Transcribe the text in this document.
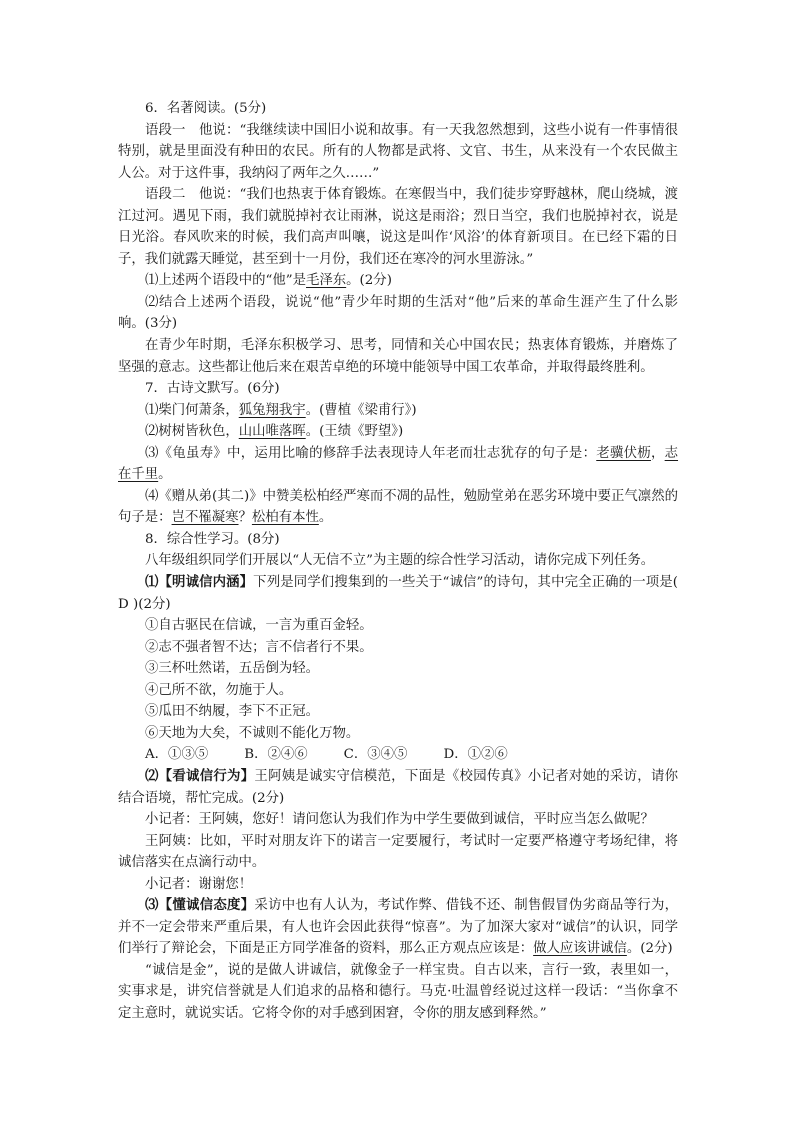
6．名著阅读。(5分)

语段一　他说：“我继续读中国旧小说和故事。有一天我忽然想到，这些小说有一件事情很特别，就是里面没有种田的农民。所有的人物都是武将、文官、书生，从来没有一个农民做主人公。对于这件事，我纳闷了两年之久……”

语段二　他说：“我们也热衷于体育锻炼。在寒假当中，我们徒步穿野越林，爬山绕城，渡江过河。遇见下雨，我们就脱掉衬衣让雨淋，说这是雨浴；烈日当空，我们也脱掉衬衣，说是日光浴。春风吹来的时候，我们高声叫嚷，说这是叫作‘风浴’的体育新项目。在已经下霜的日子，我们就露天睡觉，甚至到十一月份，我们还在寒冷的河水里游泳。”

⑴上述两个语段中的“他”是毛泽东。(2分)

⑵结合上述两个语段，说说“他”青少年时期的生活对“他”后来的革命生涯产生了什么影响。(3分)

在青少年时期，毛泽东积极学习、思考，同情和关心中国农民；热衷体育锻炼，并磨炼了坚强的意志。这些都让他后来在艰苦卓绝的环境中能领导中国工农革命，并取得最终胜利。

7．古诗文默写。(6分)

⑴柴门何萧条，狐兔翔我宇。(曹植《梁甫行》)

⑵树树皆秋色，山山唯落晖。(王绩《野望》)

⑶《龟虽寿》中，运用比喻的修辞手法表现诗人年老而壮志犹存的句子是：老骥伏枥，志在千里。

⑷《赠从弟(其二)》中赞美松柏经严寒而不凋的品性，勉励堂弟在恶劣环境中要正气凛然的句子是：岂不罹凝寒？松柏有本性。

8．综合性学习。(8分)

八年级组织同学们开展以“人无信不立”为主题的综合性学习活动，请你完成下列任务。

⑴【明诚信内涵】下列是同学们搜集到的一些关于“诚信”的诗句，其中完全正确的一项是( D )(2分)

①自古驱民在信诚，一言为重百金轻。

②志不强者智不达；言不信者行不果。

③三杯吐然诺，五岳倒为轻。

④己所不欲，勿施于人。

⑤瓜田不纳履，李下不正冠。

⑥天地为大矣，不诚则不能化万物。

A．①③⑤	B．②④⑥	C．③④⑤	D．①②⑥

⑵【看诚信行为】王阿姨是诚实守信模范，下面是《校园传真》小记者对她的采访，请你结合语境，帮忙完成。(2分)

小记者：王阿姨，您好！请问您认为我们作为中学生要做到诚信，平时应当怎么做呢？

王阿姨：比如，平时对朋友许下的诺言一定要履行，考试时一定要严格遵守考场纪律，将诚信落实在点滴行动中。

小记者：谢谢您！

⑶【懂诚信态度】采访中也有人认为，考试作弊、借钱不还、制售假冒伪劣商品等行为，并不一定会带来严重后果，有人也许会因此获得“惊喜”。为了加深大家对“诚信”的认识，同学们举行了辩论会，下面是正方同学准备的资料，那么正方观点应该是：做人应该讲诚信。(2分)

“诚信是金”，说的是做人讲诚信，就像金子一样宝贵。自古以来，言行一致，表里如一，实事求是，讲究信誉就是人们追求的品格和德行。马克·吐温曾经说过这样一段话：“当你拿不定主意时，就说实话。它将令你的对手感到困窘，令你的朋友感到释然。”
